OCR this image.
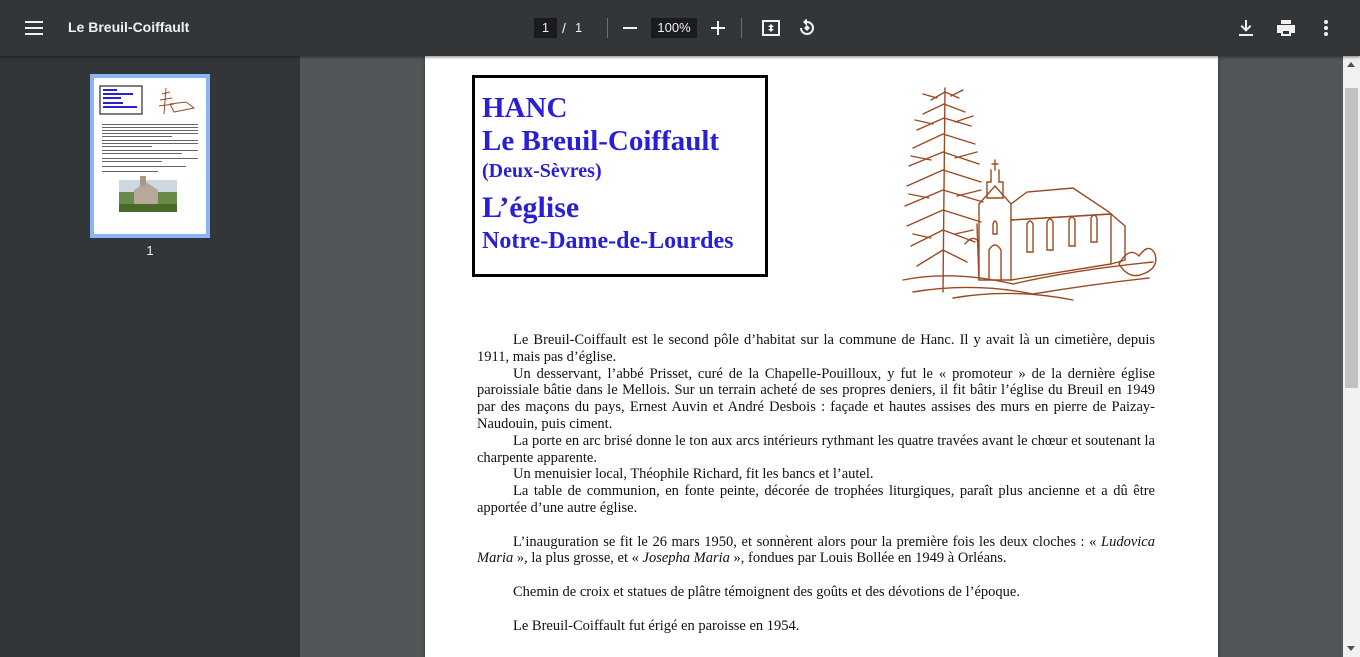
Le Breuil-Coiffault	1 / 1	100%
1
HANC
Le Breuil-Coiffault
(Deux-Sèvres)
L’église
Notre-Dame-de-Lourdes

Le Breuil-Coiffault est le second pôle d’habitat sur la commune de Hanc. Il y avait là un cimetière, depuis 1911, mais pas d’église.

Un desservant, l’abbé Prisset, curé de la Chapelle-Pouilloux, y fut le « promoteur » de la dernière église paroissiale bâtie dans le Mellois. Sur un terrain acheté de ses propres deniers, il fit bâtir l’église du Breuil en 1949 par des maçons du pays, Ernest Auvin et André Desbois : façade et hautes assises des murs en pierre de Paizay-Naudouin, puis ciment.

La porte en arc brisé donne le ton aux arcs intérieurs rythmant les quatre travées avant le chœur et soutenant la charpente apparente.

Un menuisier local, Théophile Richard, fit les bancs et l’autel.

La table de communion, en fonte peinte, décorée de trophées liturgiques, paraît plus ancienne et a dû être apportée d’une autre église.

L’inauguration se fit le 26 mars 1950, et sonnèrent alors pour la première fois les deux cloches : « Ludovica Maria », la plus grosse, et « Josepha Maria », fondues par Louis Bollée en 1949 à Orléans.

Chemin de croix et statues de plâtre témoignent des goûts et des dévotions de l’époque.

Le Breuil-Coiffault fut érigé en paroisse en 1954.
